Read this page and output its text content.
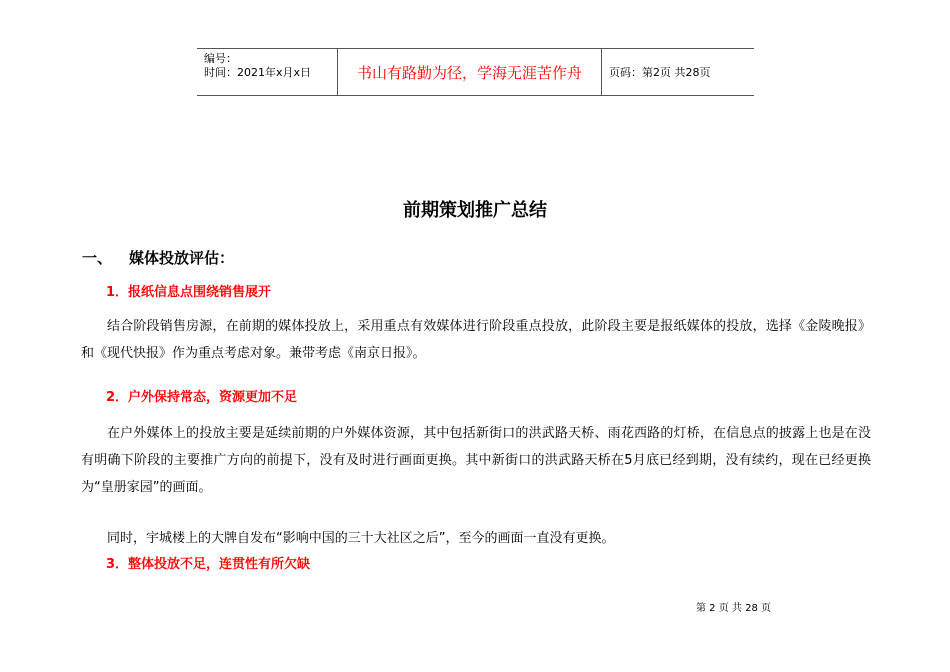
编号：
时间：2021年x月x日	书山有路勤为径，学海无涯苦作舟	页码：第2页 共28页
前期策划推广总结
一、	媒体投放评估：
1．报纸信息点围绕销售展开
结合阶段销售房源，在前期的媒体投放上，采用重点有效媒体进行阶段重点投放，此阶段主要是报纸媒体的投放，选择《金陵晚报》和《现代快报》作为重点考虑对象。兼带考虑《南京日报》。
2．户外保持常态，资源更加不足
在户外媒体上的投放主要是延续前期的户外媒体资源，其中包括新街口的洪武路天桥、雨花西路的灯桥，在信息点的披露上也是在没有明确下阶段的主要推广方向的前提下，没有及时进行画面更换。其中新街口的洪武路天桥在5月底已经到期，没有续约，现在已经更换为“皇册家园”的画面。
同时，宇城楼上的大牌自发布“影响中国的三十大社区之后”，至今的画面一直没有更换。
3．整体投放不足，连贯性有所欠缺
第 2 页 共 28 页
